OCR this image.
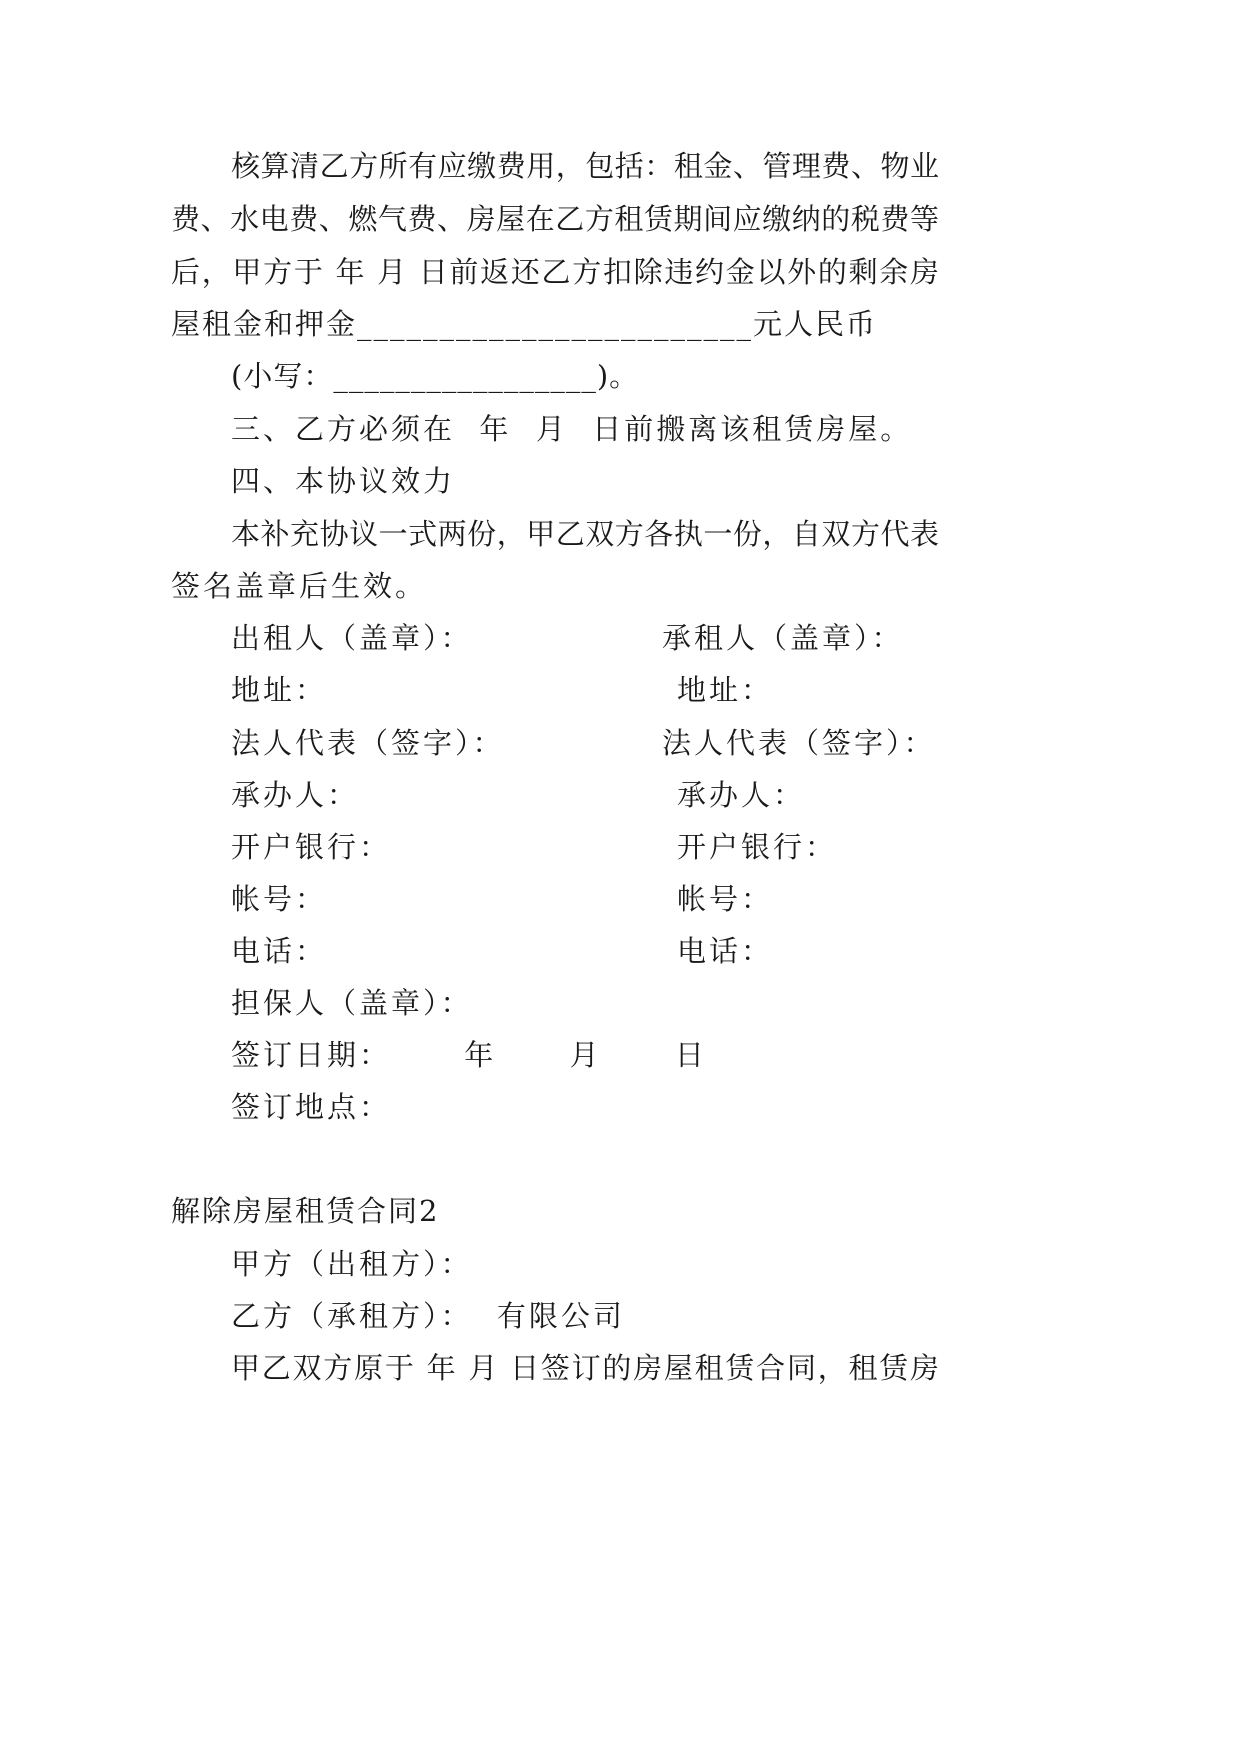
核算清乙方所有应缴费用，包括：租金、管理费、物业
费、水电费、燃气费、房屋在乙方租赁期间应缴纳的税费等
后，甲方于 年 月 日前返还乙方扣除违约金以外的剩余房
屋租金和押金________________________元人民币
(小写：_________________)。
三、乙方必须在  年  月  日前搬离该租赁房屋。
四、本协议效力
本补充协议一式两份，甲乙双方各执一份，自双方代表
签名盖章后生效。
出租人（盖章）：
地址：
法人代表（签字）：
承办人：
开户银行：
帐号：
电话：
承租人（盖章）：
地址：
法人代表（签字）：
承办人：
开户银行：
帐号：
电话：
担保人（盖章）：
签订日期：      年      月      日
签订地点：
解除房屋租赁合同2
甲方（出租方）：
乙方（承租方）：  有限公司
甲乙双方原于 年 月 日签订的房屋租赁合同，租赁房
